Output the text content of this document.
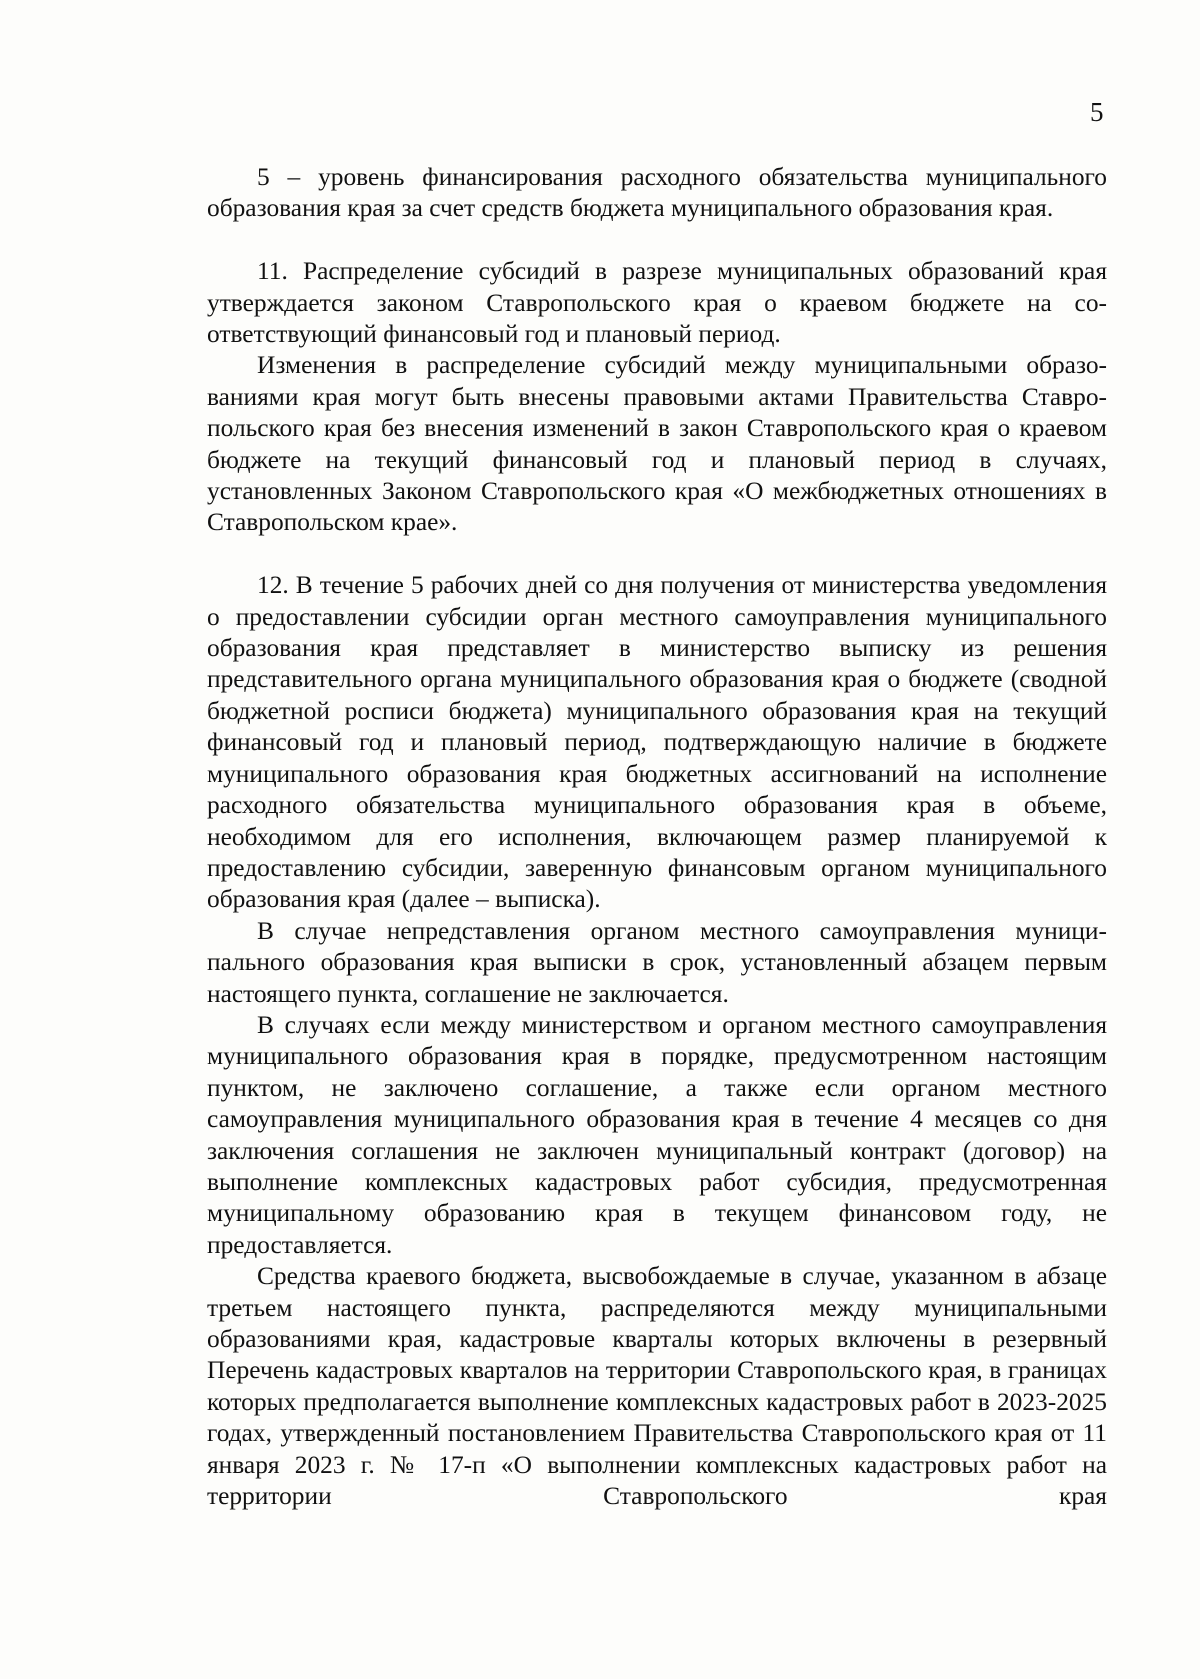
5

5 – уровень финансирования расходного обязательства муниципального образования края за счет средств бюджета муниципального образования края.

11. Распределение субсидий в разрезе муниципальных образований края утверждается законом Ставропольского края о краевом бюджете на соответствующий финансовый год и плановый период.

Изменения в распределение субсидий между муниципальными образованиями края могут быть внесены правовыми актами Правительства Ставропольского края без внесения изменений в закон Ставропольского края о краевом бюджете на текущий финансовый год и плановый период в случаях, установленных Законом Ставропольского края «О межбюджетных отношениях в Ставропольском крае».

12. В течение 5 рабочих дней со дня получения от министерства уведомления о предоставлении субсидии орган местного самоуправления муниципального образования края представляет в министерство выписку из решения представительного органа муниципального образования края о бюджете (сводной бюджетной росписи бюджета) муниципального образования края на текущий финансовый год и плановый период, подтверждающую наличие в бюджете муниципального образования края бюджетных ассигнований на исполнение расходного обязательства муниципального образования края в объеме, необходимом для его исполнения, включающем размер планируемой к предоставлению субсидии, заверенную финансовым органом муниципального образования края (далее – выписка).

В случае непредставления органом местного самоуправления муниципального образования края выписки в срок, установленный абзацем первым настоящего пункта, соглашение не заключается.

В случаях если между министерством и органом местного самоуправления муниципального образования края в порядке, предусмотренном настоящим пунктом, не заключено соглашение, а также если органом местного самоуправления муниципального образования края в течение 4 месяцев со дня заключения соглашения не заключен муниципальный контракт (договор) на выполнение комплексных кадастровых работ субсидия, предусмотренная муниципальному образованию края в текущем финансовом году, не предоставляется.

Средства краевого бюджета, высвобождаемые в случае, указанном в абзаце третьем настоящего пункта, распределяются между муниципальными образованиями края, кадастровые кварталы которых включены в резервный Перечень кадастровых кварталов на территории Ставропольского края, в границах которых предполагается выполнение комплексных кадастровых работ в 2023-2025 годах, утвержденный постановлением Правительства Ставропольского края от 11 января 2023 г. № 17-п «О выполнении комплексных кадастровых работ на территории Ставропольского края
